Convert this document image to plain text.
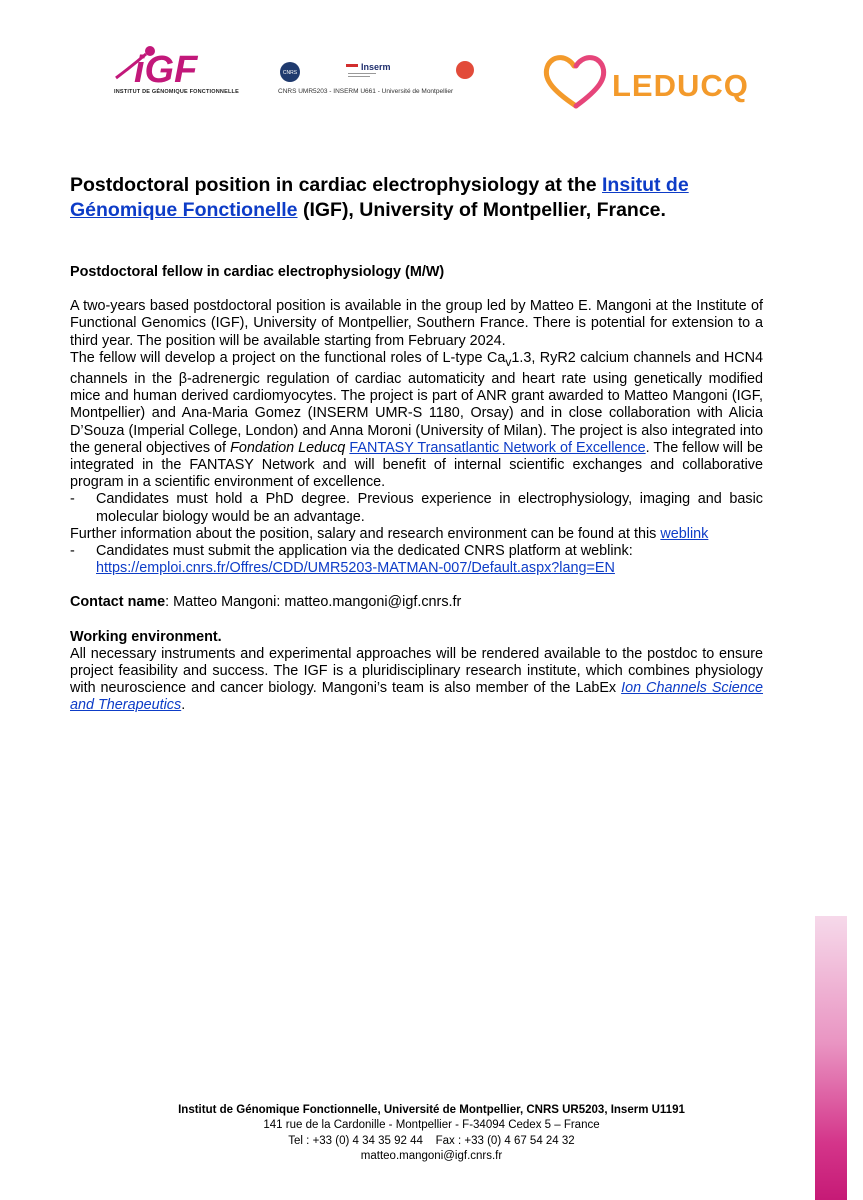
iGF
INSTITUT DE GÉNOMIQUE FONCTIONNELLE
CNRS
Inserm
CNRS UMR5203 - INSERM U661 - Université de Montpellier	LEDUCQ
Postdoctoral position in cardiac electrophysiology at the Insitut de Génomique Fonctionelle (IGF), University of Montpellier, France.

Postdoctoral fellow in cardiac electrophysiology (M/W)

A two-years based postdoctoral position is available in the group led by Matteo E. Mangoni at the Institute of Functional Genomics (IGF), University of Montpellier, Southern France. There is potential for extension to a third year. The position will be available starting from February 2024.

The fellow will develop a project on the functional roles of L-type $Ca_v1.3$, RyR2 calcium channels and HCN4 channels in the β-adrenergic regulation of cardiac automaticity and heart rate using genetically modified mice and human derived cardiomyocytes. The project is part of ANR grant awarded to Matteo Mangoni (IGF, Montpellier) and Ana-Maria Gomez (INSERM UMR-S 1180, Orsay) and in close collaboration with Alicia D’Souza (Imperial College, London) and Anna Moroni (University of Milan). The project is also integrated into the general objectives of Fondation Leducq FANTASY Transatlantic Network of Excellence. The fellow will be integrated in the FANTASY Network and will benefit of internal scientific exchanges and collaborative program in a scientific environment of excellence.

- Candidates must hold a PhD degree. Previous experience in electrophysiology, imaging and basic molecular biology would be an advantage.

Further information about the position, salary and research environment can be found at this weblink

- Candidates must submit the application via the dedicated CNRS platform at weblink: https://emploi.cnrs.fr/Offres/CDD/UMR5203-MATMAN-007/Default.aspx?lang=EN

Contact name: Matteo Mangoni: matteo.mangoni@igf.cnrs.fr

Working environment.

All necessary instruments and experimental approaches will be rendered available to the postdoc to ensure project feasibility and success. The IGF is a pluridisciplinary research institute, which combines physiology with neuroscience and cancer biology. Mangoni’s team is also member of the LabEx Ion Channels Science and Therapeutics.

Institut de Génomique Fonctionnelle, Université de Montpellier, CNRS UR5203, Inserm U1191
141 rue de la Cardonille - Montpellier - F-34094 Cedex 5 – France
Tel : +33 (0) 4 34 35 92 44    Fax : +33 (0) 4 67 54 24 32
matteo.mangoni@igf.cnrs.fr
